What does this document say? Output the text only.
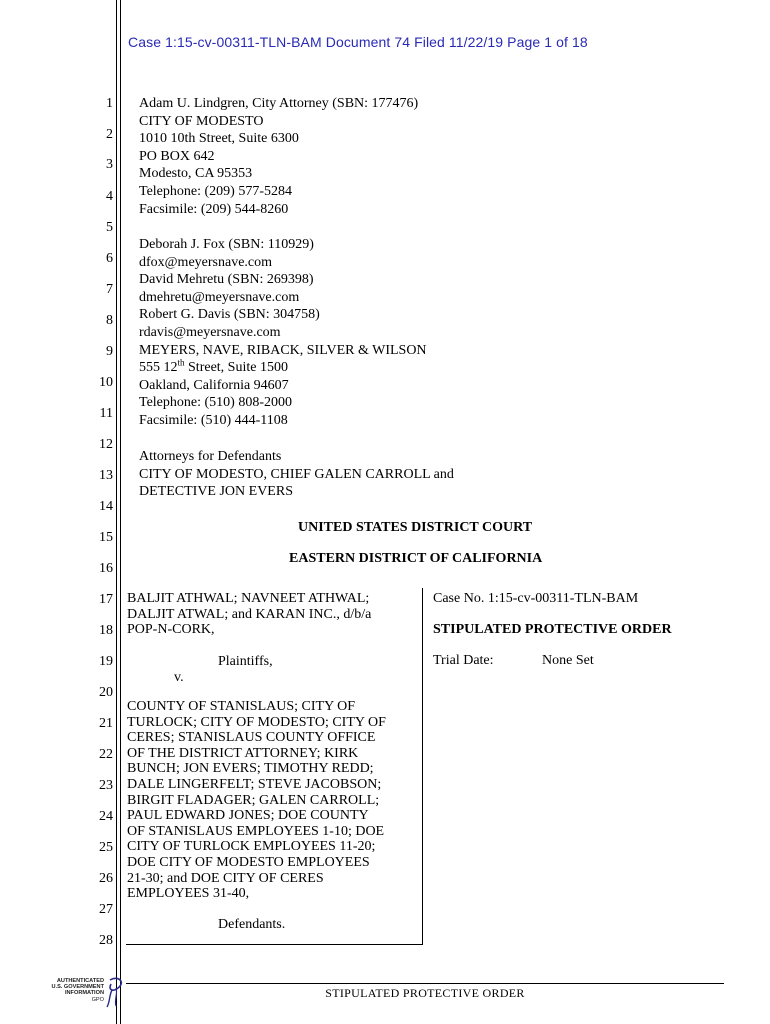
Case 1:15-cv-00311-TLN-BAM Document 74 Filed 11/22/19 Page 1 of 18
1
2
3
4
5
6
7
8
9
10
11
12
13
14
15
16
17
18
19
20
21
22
23
24
25
26
27
28
Adam U. Lindgren, City Attorney (SBN: 177476)
CITY OF MODESTO
1010 10th Street, Suite 6300
PO BOX 642
Modesto, CA 95353
Telephone: (209) 577-5284
Facsimile: (209) 544-8260
Deborah J. Fox (SBN: 110929)
dfox@meyersnave.com
David Mehretu (SBN: 269398)
dmehretu@meyersnave.com
Robert G. Davis (SBN: 304758)
rdavis@meyersnave.com
MEYERS, NAVE, RIBACK, SILVER & WILSON
555 12th Street, Suite 1500
Oakland, California 94607
Telephone: (510) 808-2000
Facsimile: (510) 444-1108
Attorneys for Defendants
CITY OF MODESTO, CHIEF GALEN CARROLL and
DETECTIVE JON EVERS
UNITED STATES DISTRICT COURT
EASTERN DISTRICT OF CALIFORNIA
BALJIT ATHWAL; NAVNEET ATHWAL;
DALJIT ATWAL; and KARAN INC., d/b/a
POP-N-CORK,
Plaintiffs,
v.
COUNTY OF STANISLAUS; CITY OF
TURLOCK; CITY OF MODESTO; CITY OF
CERES; STANISLAUS COUNTY OFFICE
OF THE DISTRICT ATTORNEY; KIRK
BUNCH; JON EVERS; TIMOTHY REDD;
DALE LINGERFELT; STEVE JACOBSON;
BIRGIT FLADAGER; GALEN CARROLL;
PAUL EDWARD JONES; DOE COUNTY
OF STANISLAUS EMPLOYEES 1-10; DOE
CITY OF TURLOCK EMPLOYEES 11-20;
DOE CITY OF MODESTO EMPLOYEES
21-30; and DOE CITY OF CERES
EMPLOYEES 31-40,
Defendants.
Case No. 1:15-cv-00311-TLN-BAM
STIPULATED PROTECTIVE ORDER
Trial Date:	None Set
STIPULATED PROTECTIVE ORDER
AUTHENTICATED
U.S. GOVERNMENT
INFORMATION
GPO
